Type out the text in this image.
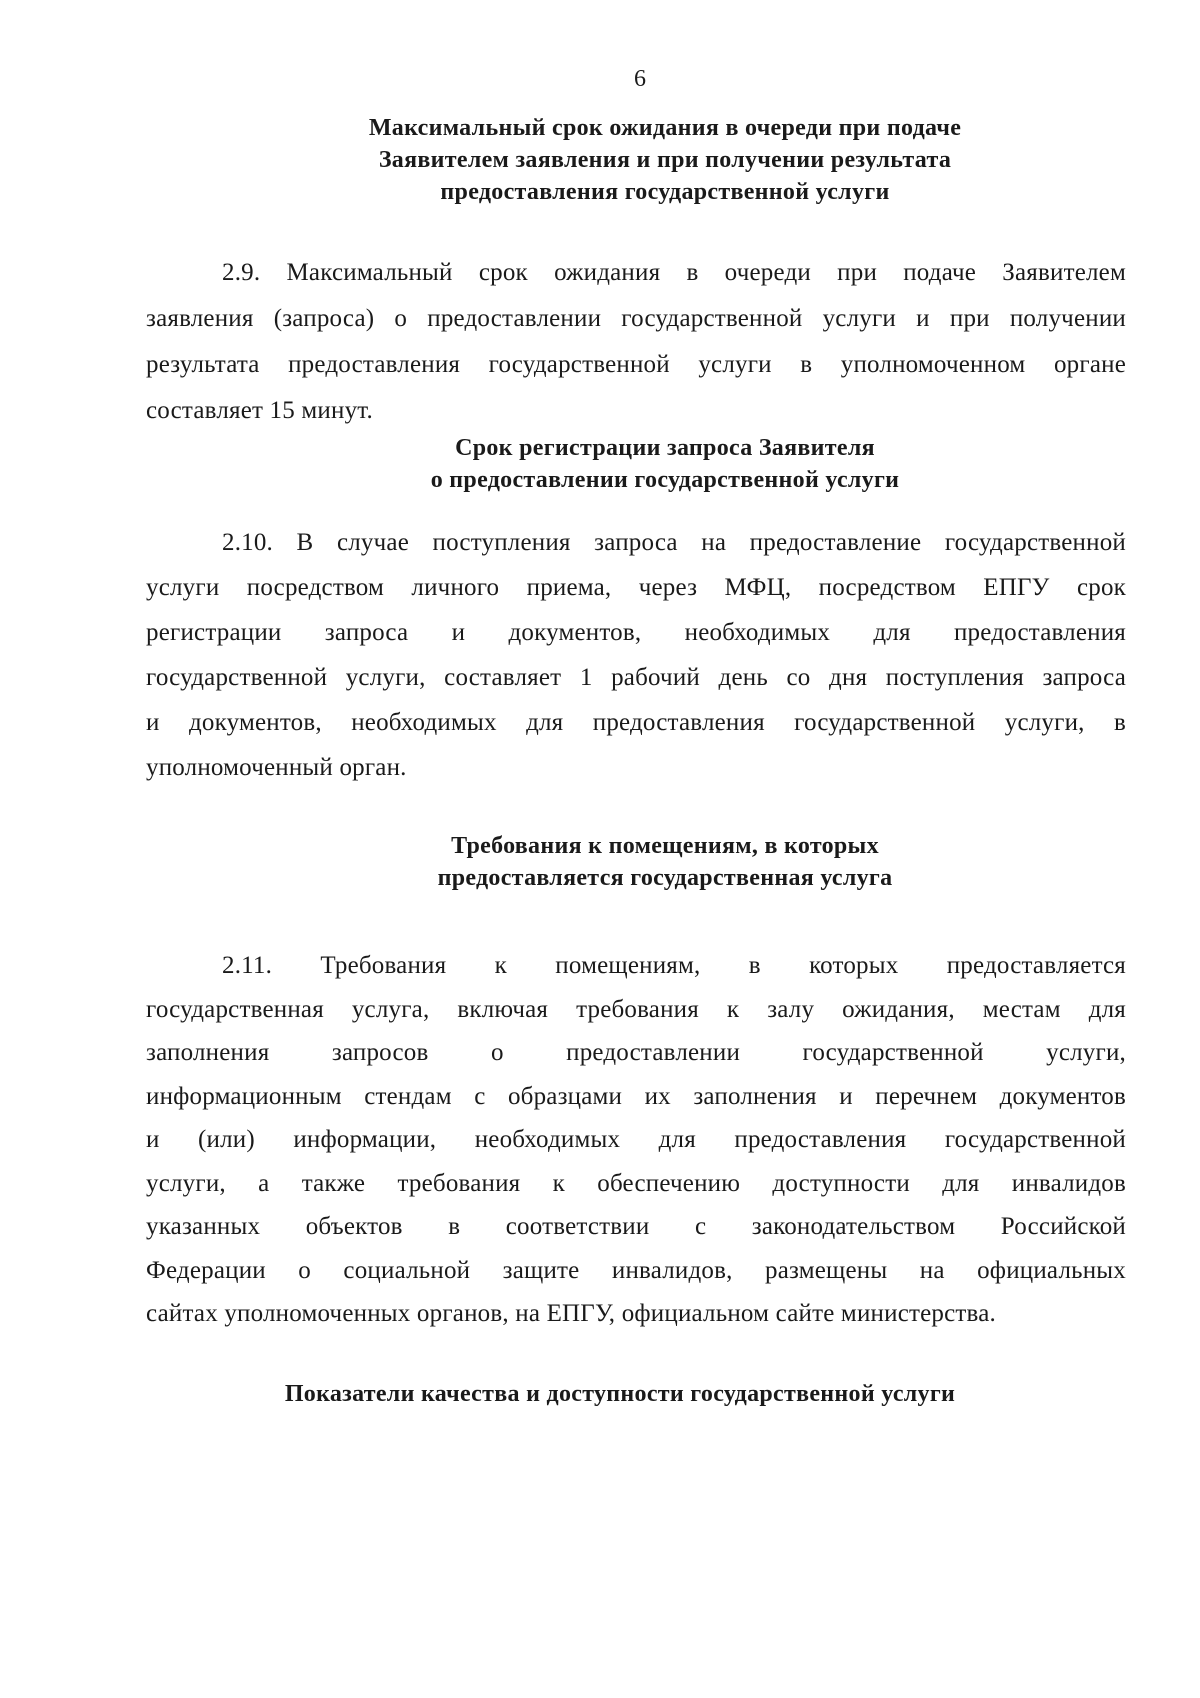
6
Максимальный срок ожидания в очереди при подаче
Заявителем заявления и при получении результата
предоставления государственной услуги
2.9. Максимальный срок ожидания в очереди при подаче Заявителем
заявления (запроса) о предоставлении государственной услуги и при получении
результата предоставления государственной услуги в уполномоченном органе
составляет 15 минут.
Срок регистрации запроса Заявителя
о предоставлении государственной услуги
2.10. В случае поступления запроса на предоставление государственной
услуги посредством личного приема, через МФЦ, посредством ЕПГУ срок
регистрации запроса и документов, необходимых для предоставления
государственной услуги, составляет 1 рабочий день со дня поступления запроса
и документов, необходимых для предоставления государственной услуги, в
уполномоченный орган.
Требования к помещениям, в которых
предоставляется государственная услуга
2.11. Требования к помещениям, в которых предоставляется
государственная услуга, включая требования к залу ожидания, местам для
заполнения запросов о предоставлении государственной услуги,
информационным стендам с образцами их заполнения и перечнем документов
и (или) информации, необходимых для предоставления государственной
услуги, а также требования к обеспечению доступности для инвалидов
указанных объектов в соответствии с законодательством Российской
Федерации о социальной защите инвалидов, размещены на официальных
сайтах уполномоченных органов, на ЕПГУ, официальном сайте министерства.
Показатели качества и доступности государственной услуги
